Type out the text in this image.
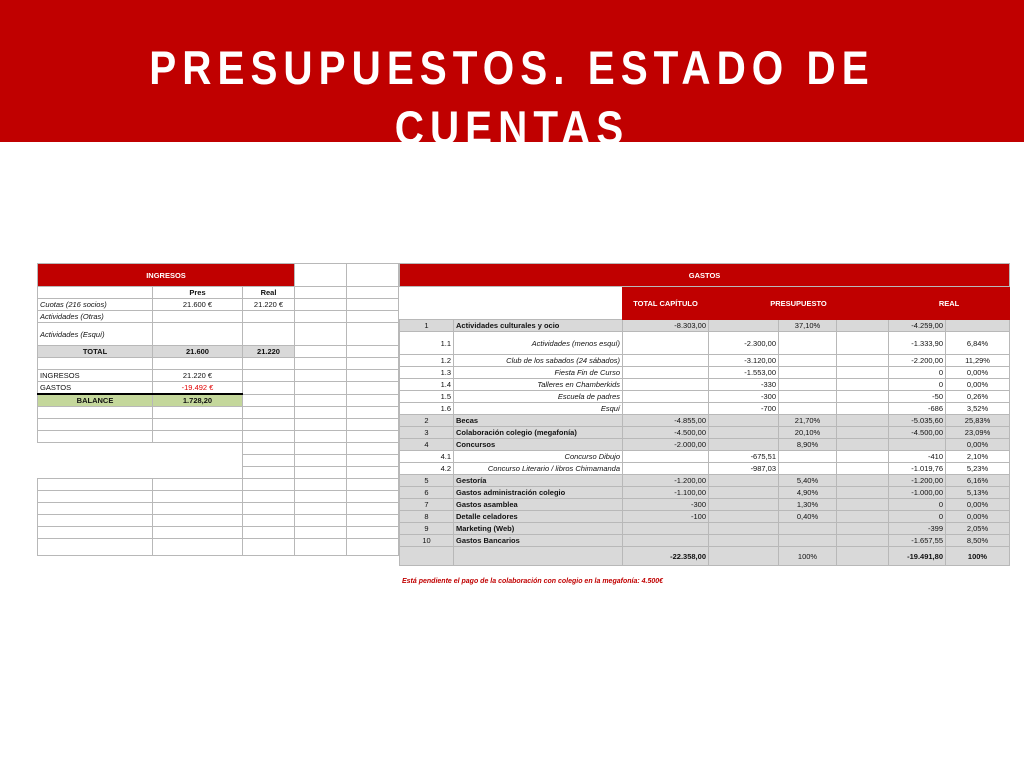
PRESUPUESTOS. ESTADO DE CUENTAS
INGRESOS				
	Pres	Real		
Cuotas (216 socios)	21.600 €	21.220 €		
Actividades (Otras)				
Actividades (Esquí)				
TOTAL	21.600	21.220		

INGRESOS	21.220 €			
GASTOS	-19.492 €			
BALANCE	1.728,20			

GASTOS							
		TOTAL CAPÍTULO	PRESUPUESTO			REAL	
1	Actividades culturales y ocio	-8.303,00		37,10%		-4.259,00	
1.1	Actividades (menos esquí)		-2.300,00			-1.333,90	6,84%
1.2	Club de los sabados (24 sábados)		-3.120,00			-2.200,00	11,29%
1.3	Fiesta Fin de Curso		-1.553,00			0	0,00%
1.4	Talleres en Chamberkids		-330			0	0,00%
1.5	Escuela de padres		-300			-50	0,26%
1.6	Esquí		-700			-686	3,52%
2	Becas	-4.855,00		21,70%		-5.035,60	25,83%
3	Colaboración colegio (megafonía)	-4.500,00		20,10%		-4.500,00	23,09%
4	Concursos	-2.000,00		8,90%			0,00%
4.1	Concurso Dibujo		-675,51			-410	2,10%
4.2	Concurso Literario / libros Chimamanda		-987,03			-1.019,76	5,23%
5	Gestoría	-1.200,00		5,40%		-1.200,00	6,16%
6	Gastos administración colegio	-1.100,00		4,90%		-1.000,00	5,13%
7	Gastos asamblea	-300		1,30%		0	0,00%
8	Detalle celadores	-100		0,40%		0	0,00%
9	Marketing (Web)					-399	2,05%
10	Gastos Bancarios					-1.657,55	8,50%
		-22.358,00		100%		-19.491,80	100%
Está pendiente el pago de la colaboración con colegio en la megafonía: 4.500€
